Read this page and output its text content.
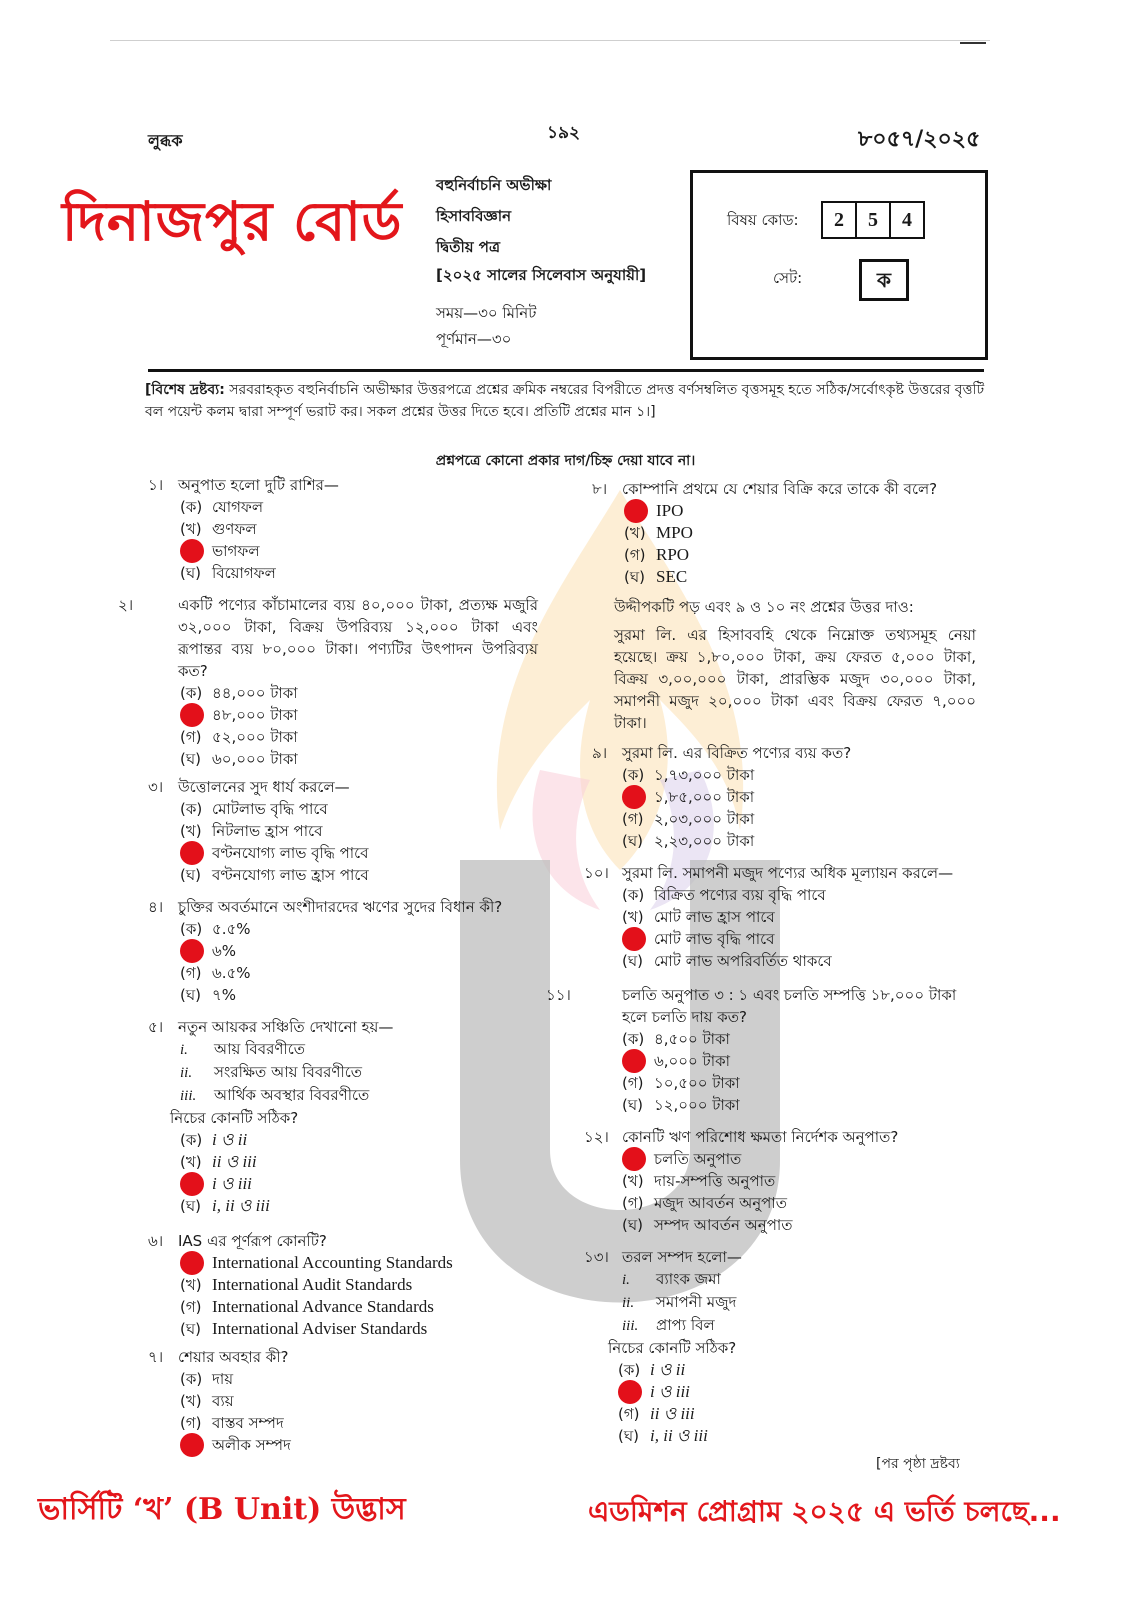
লুব্ধক	১৯২	৮০৫৭/২০২৫
দিনাজপুর বোর্ড
বহুনির্বাচনি অভীক্ষা
হিসাববিজ্ঞান
দ্বিতীয় পত্র
[২০২৫ সালের সিলেবাস অনুযায়ী]
সময়—৩০ মিনিট
পূর্ণমান—৩০
বিষয় কোড:	2 5 4
সেট:	ক
[বিশেষ দ্রষ্টব্য: সরবরাহকৃত বহুনির্বাচনি অভীক্ষার উত্তরপত্রে প্রশ্নের ক্রমিক নম্বরের বিপরীতে প্রদত্ত বর্ণসম্বলিত বৃত্তসমূহ হতে সঠিক/সর্বোৎকৃষ্ট উত্তরের বৃত্তটি বল পয়েন্ট কলম দ্বারা সম্পূর্ণ ভরাট কর। সকল প্রশ্নের উত্তর দিতে হবে। প্রতিটি প্রশ্নের মান ১।]
প্রশ্নপত্রে কোনো প্রকার দাগ/চিহ্ন দেয়া যাবে না।
১। অনুপাত হলো দুটি রাশির—
(ক) যোগফল
(খ) গুণফল
ভাগফল
(ঘ) বিয়োগফল
২।	একটি পণ্যের কাঁচামালের ব্যয় ৪০,০০০ টাকা, প্রত্যক্ষ মজুরি ৩২,০০০ টাকা, বিক্রয় উপরিব্যয় ১২,০০০ টাকা এবং রূপান্তর ব্যয় ৮০,০০০ টাকা। পণ্যটির উৎপাদন উপরিব্যয় কত?
(ক) ৪৪,০০০ টাকা
৪৮,০০০ টাকা
(গ) ৫২,০০০ টাকা
(ঘ) ৬০,০০০ টাকা
৩। উত্তোলনের সুদ ধার্য করলে—
(ক) মোটলাভ বৃদ্ধি পাবে
(খ) নিটলাভ হ্রাস পাবে
বণ্টনযোগ্য লাভ বৃদ্ধি পাবে
(ঘ) বণ্টনযোগ্য লাভ হ্রাস পাবে
৪। চুক্তির অবর্তমানে অংশীদারদের ঋণের সুদের বিধান কী?
(ক) ৫.৫%
৬%
(গ) ৬.৫%
(ঘ) ৭%
৫। নতুন আয়কর সঞ্চিতি দেখানো হয়—
i. আয় বিবরণীতে
ii. সংরক্ষিত আয় বিবরণীতে
iii. আর্থিক অবস্থার বিবরণীতে
নিচের কোনটি সঠিক?
(ক) i ও ii
(খ) ii ও iii
i ও iii
(ঘ) i, ii ও iii
৬। IAS এর পূর্ণরূপ কোনটি?
International Accounting Standards
(খ) International Audit Standards
(গ) International Advance Standards
(ঘ) International Adviser Standards
৭। শেয়ার অবহার কী?
(ক) দায়
(খ) ব্যয়
(গ) বাস্তব সম্পদ
অলীক সম্পদ
৮। কোম্পানি প্রথমে যে শেয়ার বিক্রি করে তাকে কী বলে?
IPO
(খ) MPO
(গ) RPO
(ঘ) SEC
উদ্দীপকটি পড় এবং ৯ ও ১০ নং প্রশ্নের উত্তর দাও:
সুরমা লি. এর হিসাববহি থেকে নিম্নোক্ত তথ্যসমূহ নেয়া হয়েছে। ক্রয় ১,৮০,০০০ টাকা, ক্রয় ফেরত ৫,০০০ টাকা, বিক্রয় ৩,০০,০০০ টাকা, প্রারম্ভিক মজুদ ৩০,০০০ টাকা, সমাপনী মজুদ ২০,০০০ টাকা এবং বিক্রয় ফেরত ৭,০০০ টাকা।
৯। সুরমা লি. এর বিক্রিত পণ্যের ব্যয় কত?
(ক) ১,৭৩,০০০ টাকা
১,৮৫,০০০ টাকা
(গ) ২,০৩,০০০ টাকা
(ঘ) ২,২৩,০০০ টাকা
১০। সুরমা লি. সমাপনী মজুদ পণ্যের অধিক মূল্যায়ন করলে—
(ক) বিক্রিত পণ্যের ব্যয় বৃদ্ধি পাবে
(খ) মোট লাভ হ্রাস পাবে
মোট লাভ বৃদ্ধি পাবে
(ঘ) মোট লাভ অপরিবর্তিত থাকবে
১১।	চলতি অনুপাত ৩ : ১ এবং চলতি সম্পত্তি ১৮,০০০ টাকা হলে চলতি দায় কত?
(ক) ৪,৫০০ টাকা
৬,০০০ টাকা
(গ) ১০,৫০০ টাকা
(ঘ) ১২,০০০ টাকা
১২। কোনটি ঋণ পরিশোধ ক্ষমতা নির্দেশক অনুপাত?
চলতি অনুপাত
(খ) দায়-সম্পত্তি অনুপাত
(গ) মজুদ আবর্তন অনুপাত
(ঘ) সম্পদ আবর্তন অনুপাত
১৩। তরল সম্পদ হলো—
i. ব্যাংক জমা
ii. সমাপনী মজুদ
iii. প্রাপ্য বিল
নিচের কোনটি সঠিক?
(ক) i ও ii
i ও iii
(গ) ii ও iii
(ঘ) i, ii ও iii
[পর পৃষ্ঠা দ্রষ্টব্য
ভার্সিটি ‘খ’ (B Unit) উদ্ভাস	এডমিশন প্রোগ্রাম ২০২৫ এ ভর্তি চলছে...
